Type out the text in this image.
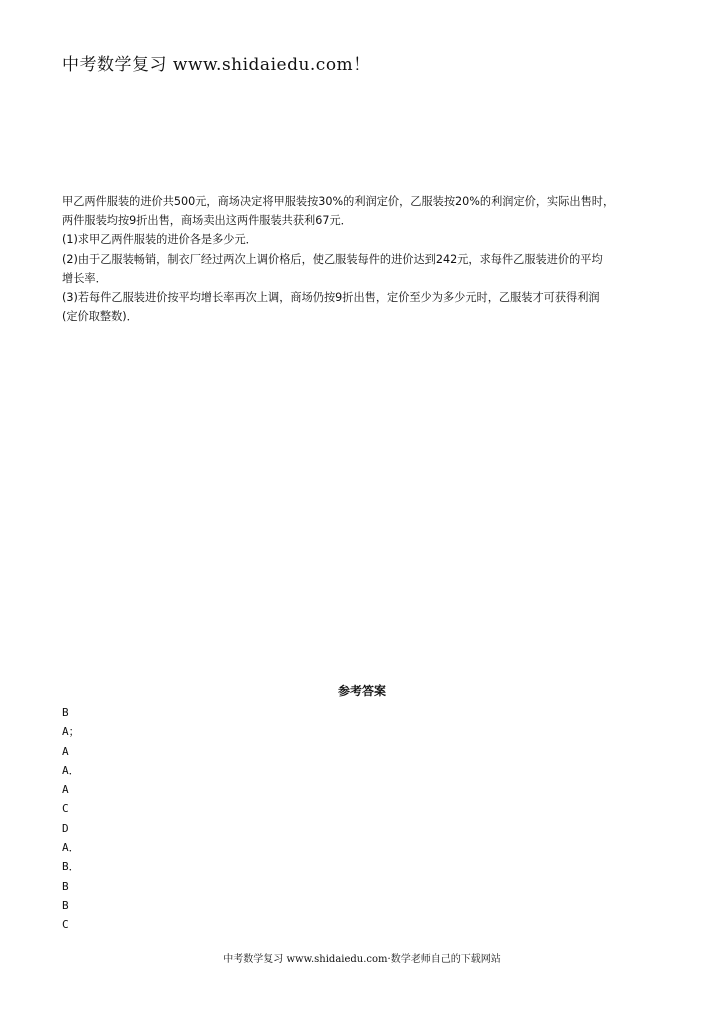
中考数学复习 www.shidaiedu.com！
甲乙两件服装的进价共500元，商场决定将甲服装按30%的利润定价，乙服装按20%的利润定价，实际出售时，
两件服装均按9折出售，商场卖出这两件服装共获利67元．
(1)求甲乙两件服装的进价各是多少元．
(2)由于乙服装畅销，制衣厂经过两次上调价格后，使乙服装每件的进价达到242元，求每件乙服装进价的平均
增长率．
(3)若每件乙服装进价按平均增长率再次上调，商场仍按9折出售，定价至少为多少元时，乙服装才可获得利润
(定价取整数)．
参考答案
B
A；
A
A．
A
C
D
A．
B．
B
B
C
中考数学复习 www.shidaiedu.com·数学老师自己的下载网站
